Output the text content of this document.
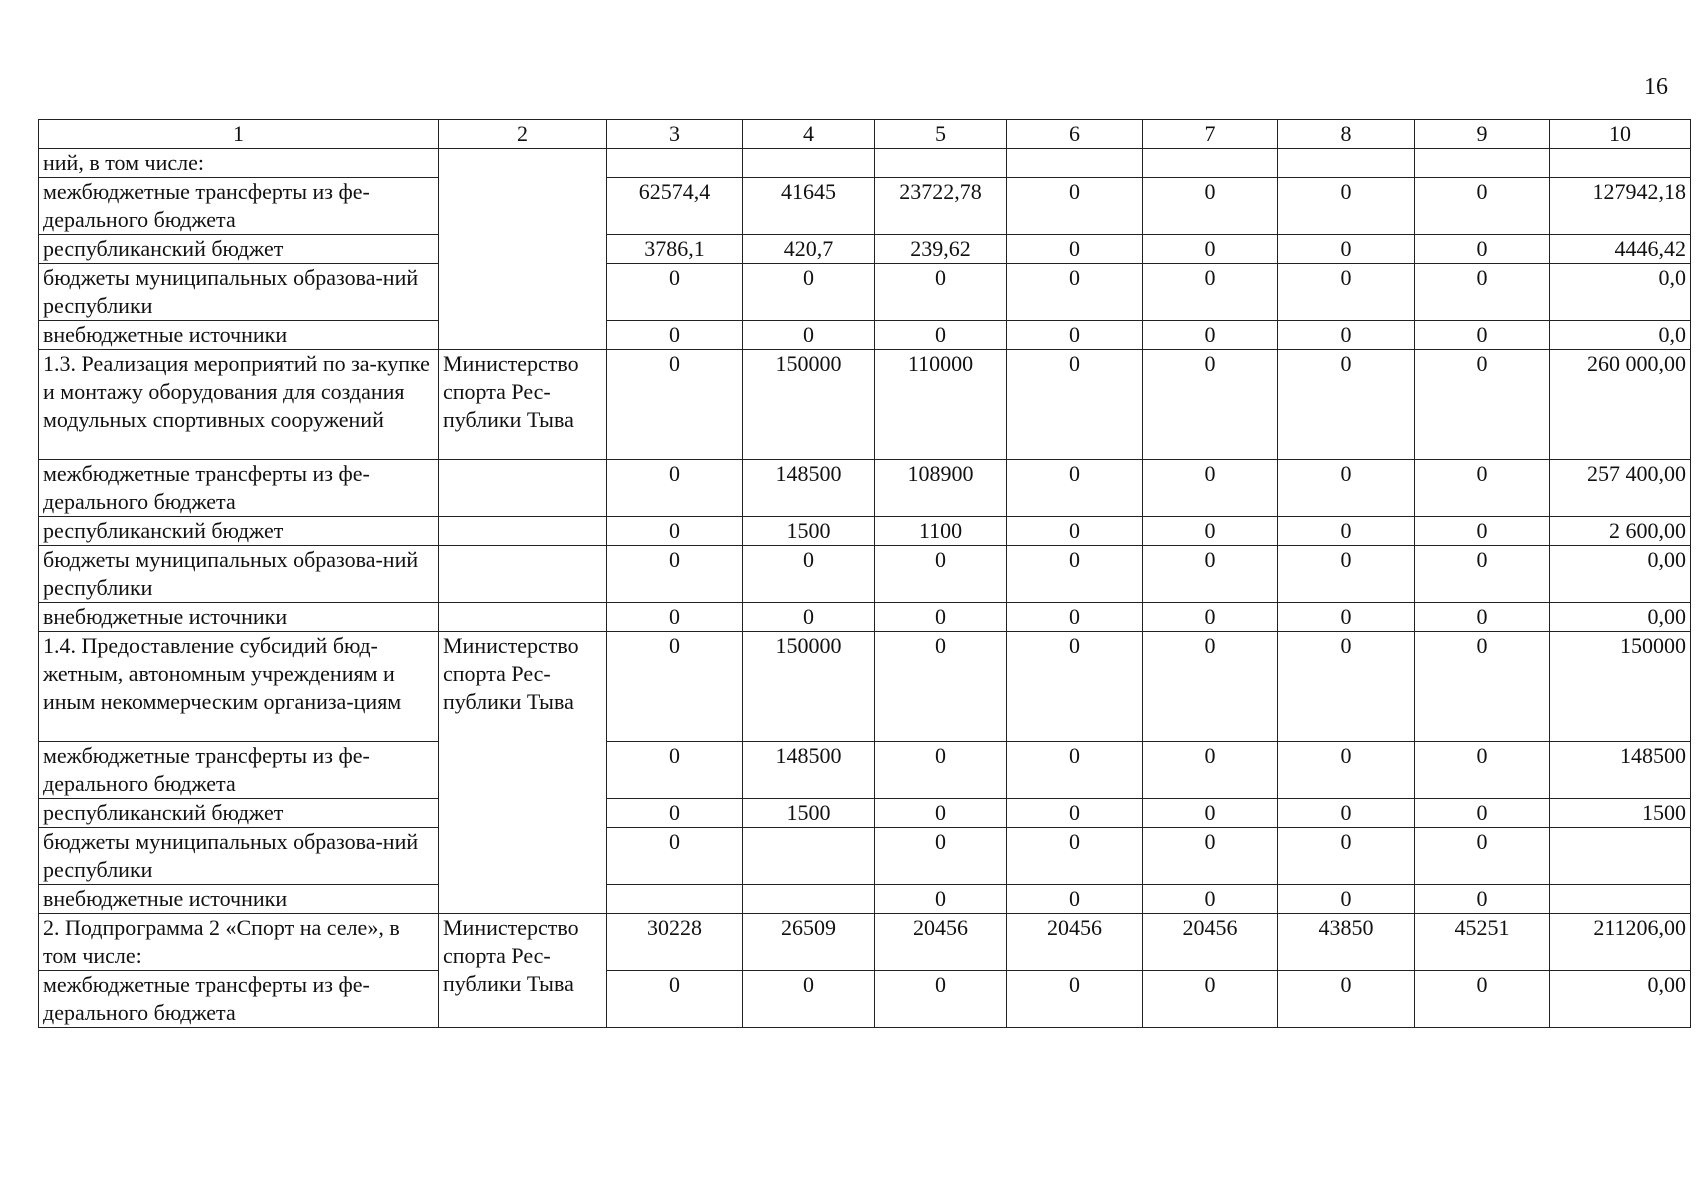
16
1	2	3	4	5	6	7	8	9	10
ний, в том числе:									
межбюджетные трансферты из фе-дерального бюджета		62574,4	41645	23722,78	0	0	0	0	127942,18
республиканский бюджет		3786,1	420,7	239,62	0	0	0	0	4446,42
бюджеты муниципальных образова-ний республики		0	0	0	0	0	0	0	0,0
внебюджетные источники		0	0	0	0	0	0	0	0,0
1.3. Реализация мероприятий по за-купке и монтажу оборудования для создания модульных спортивных сооружений	Министерство спорта Рес-публики Тыва	0	150000	110000	0	0	0	0	260 000,00
межбюджетные трансферты из фе-дерального бюджета		0	148500	108900	0	0	0	0	257 400,00
республиканский бюджет		0	1500	1100	0	0	0	0	2 600,00
бюджеты муниципальных образова-ний республики		0	0	0	0	0	0	0	0,00
внебюджетные источники		0	0	0	0	0	0	0	0,00
1.4. Предоставление субсидий бюд-жетным, автономным учреждениям и иным некоммерческим организа-циям	Министерство спорта Рес-публики Тыва	0	150000	0	0	0	0	0	150000
межбюджетные трансферты из фе-дерального бюджета		0	148500	0	0	0	0	0	148500
республиканский бюджет		0	1500	0	0	0	0	0	1500
бюджеты муниципальных образова-ний республики		0		0	0	0	0	0	
внебюджетные источники				0	0	0	0	0	
2. Подпрограмма 2 «Спорт на селе», в том числе:	Министерство спорта Рес-публики Тыва	30228	26509	20456	20456	20456	43850	45251	211206,00
межбюджетные трансферты из фе-дерального бюджета		0	0	0	0	0	0	0	0,00
